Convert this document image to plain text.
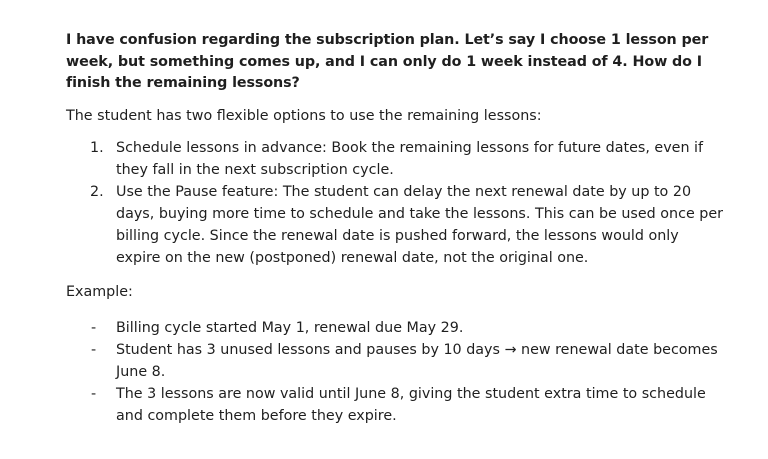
I have confusion regarding the subscription plan. Let’s say I choose 1 lesson per week, but something comes up, and I can only do 1 week instead of 4. How do I finish the remaining lessons?

The student has two flexible options to use the remaining lessons:

1. Schedule lessons in advance: Book the remaining lessons for future dates, even if they fall in the next subscription cycle.
2. Use the Pause feature: The student can delay the next renewal date by up to 20 days, buying more time to schedule and take the lessons. This can be used once per billing cycle. Since the renewal date is pushed forward, the lessons would only expire on the new (postponed) renewal date, not the original one.

Example:

- Billing cycle started May 1, renewal due May 29.
- Student has 3 unused lessons and pauses by 10 days → new renewal date becomes June 8.
- The 3 lessons are now valid until June 8, giving the student extra time to schedule and complete them before they expire.
